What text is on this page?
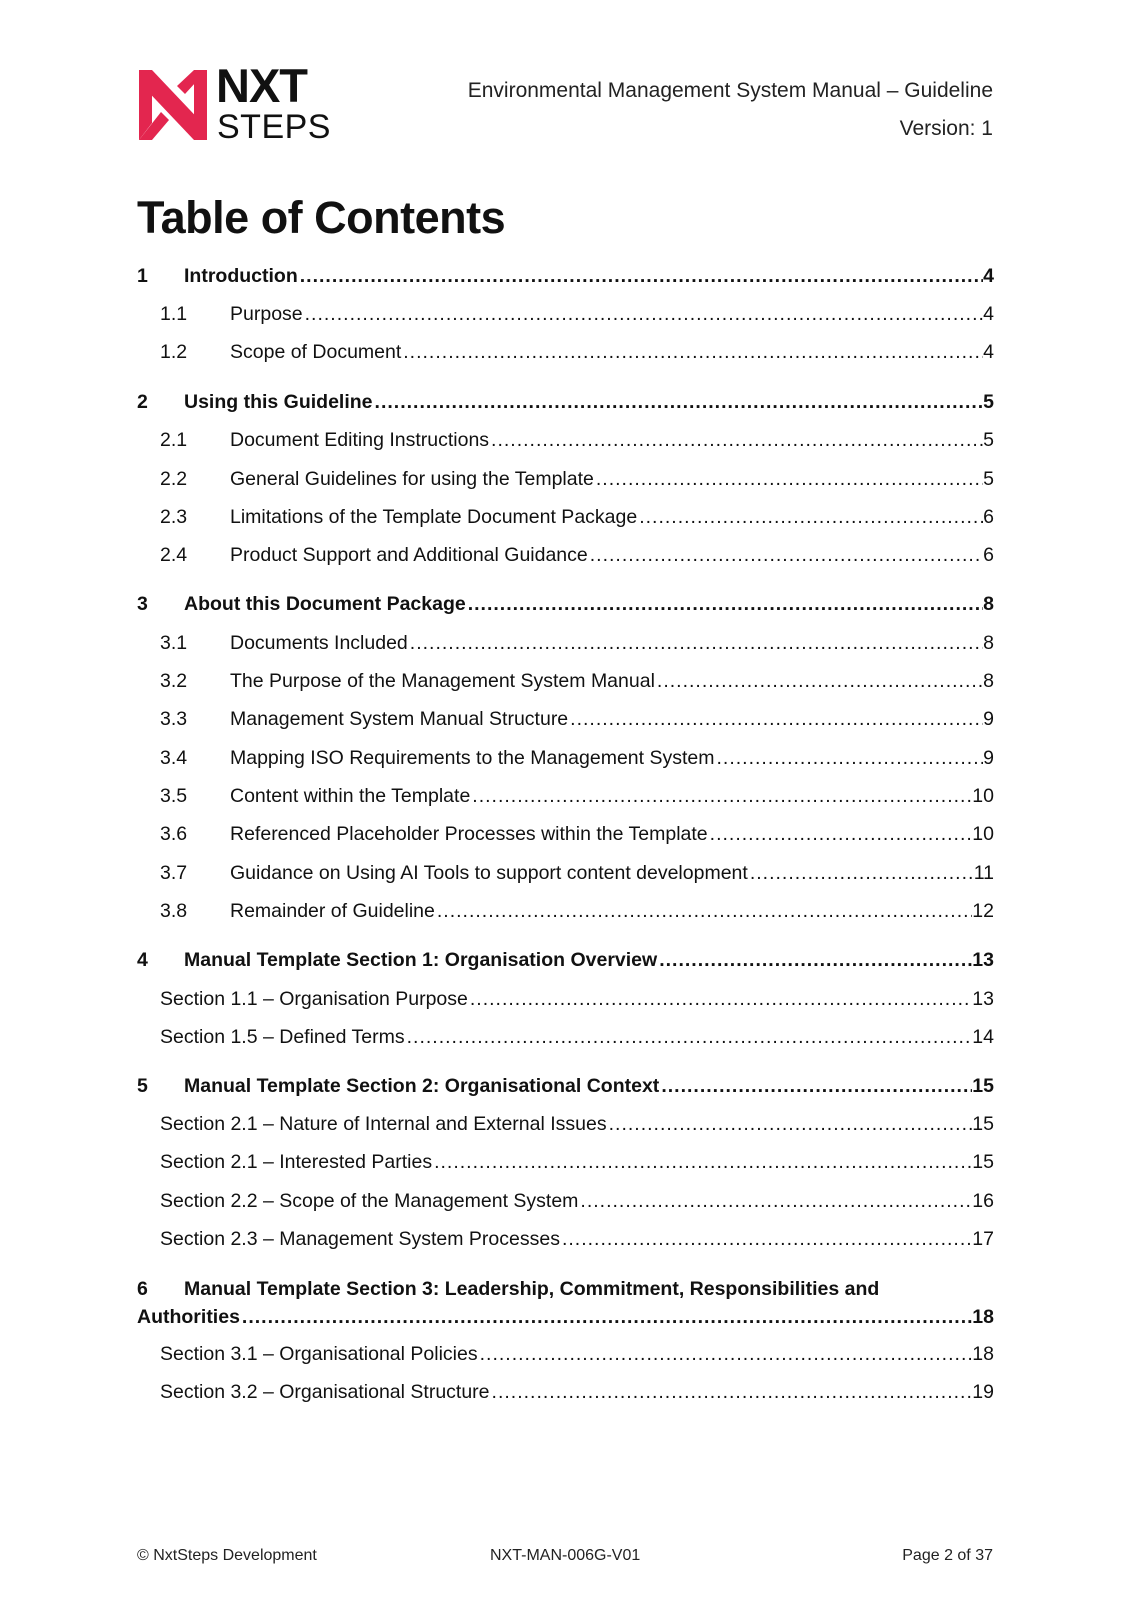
NXT
STEPS
Environmental Management System Manual – Guideline
Version: 1
Table of Contents
1	Introduction .....	4
1.1	Purpose .....	4
1.2	Scope of Document .....	4
2	Using this Guideline .....	5
2.1	Document Editing Instructions .....	5
2.2	General Guidelines for using the Template .....	5
2.3	Limitations of the Template Document Package .....	6
2.4	Product Support and Additional Guidance .....	6
3	About this Document Package .....	8
3.1	Documents Included .....	8
3.2	The Purpose of the Management System Manual .....	8
3.3	Management System Manual Structure .....	9
3.4	Mapping ISO Requirements to the Management System .....	9
3.5	Content within the Template .....	10
3.6	Referenced Placeholder Processes within the Template .....	10
3.7	Guidance on Using AI Tools to support content development .....	11
3.8	Remainder of Guideline .....	12
4	Manual Template Section 1: Organisation Overview .....	13
Section 1.1 – Organisation Purpose .....	13
Section 1.5 – Defined Terms .....	14
5	Manual Template Section 2: Organisational Context .....	15
Section 2.1 – Nature of Internal and External Issues .....	15
Section 2.1 – Interested Parties .....	15
Section 2.2 – Scope of the Management System .....	16
Section 2.3 – Management System Processes .....	17
6 Manual Template Section 3: Leadership, Commitment, Responsibilities and
Authorities .....	18
Section 3.1 – Organisational Policies .....	18
Section 3.2 – Organisational Structure .....	19
© NxtSteps Development	NXT-MAN-006G-V01	Page 2 of 37
